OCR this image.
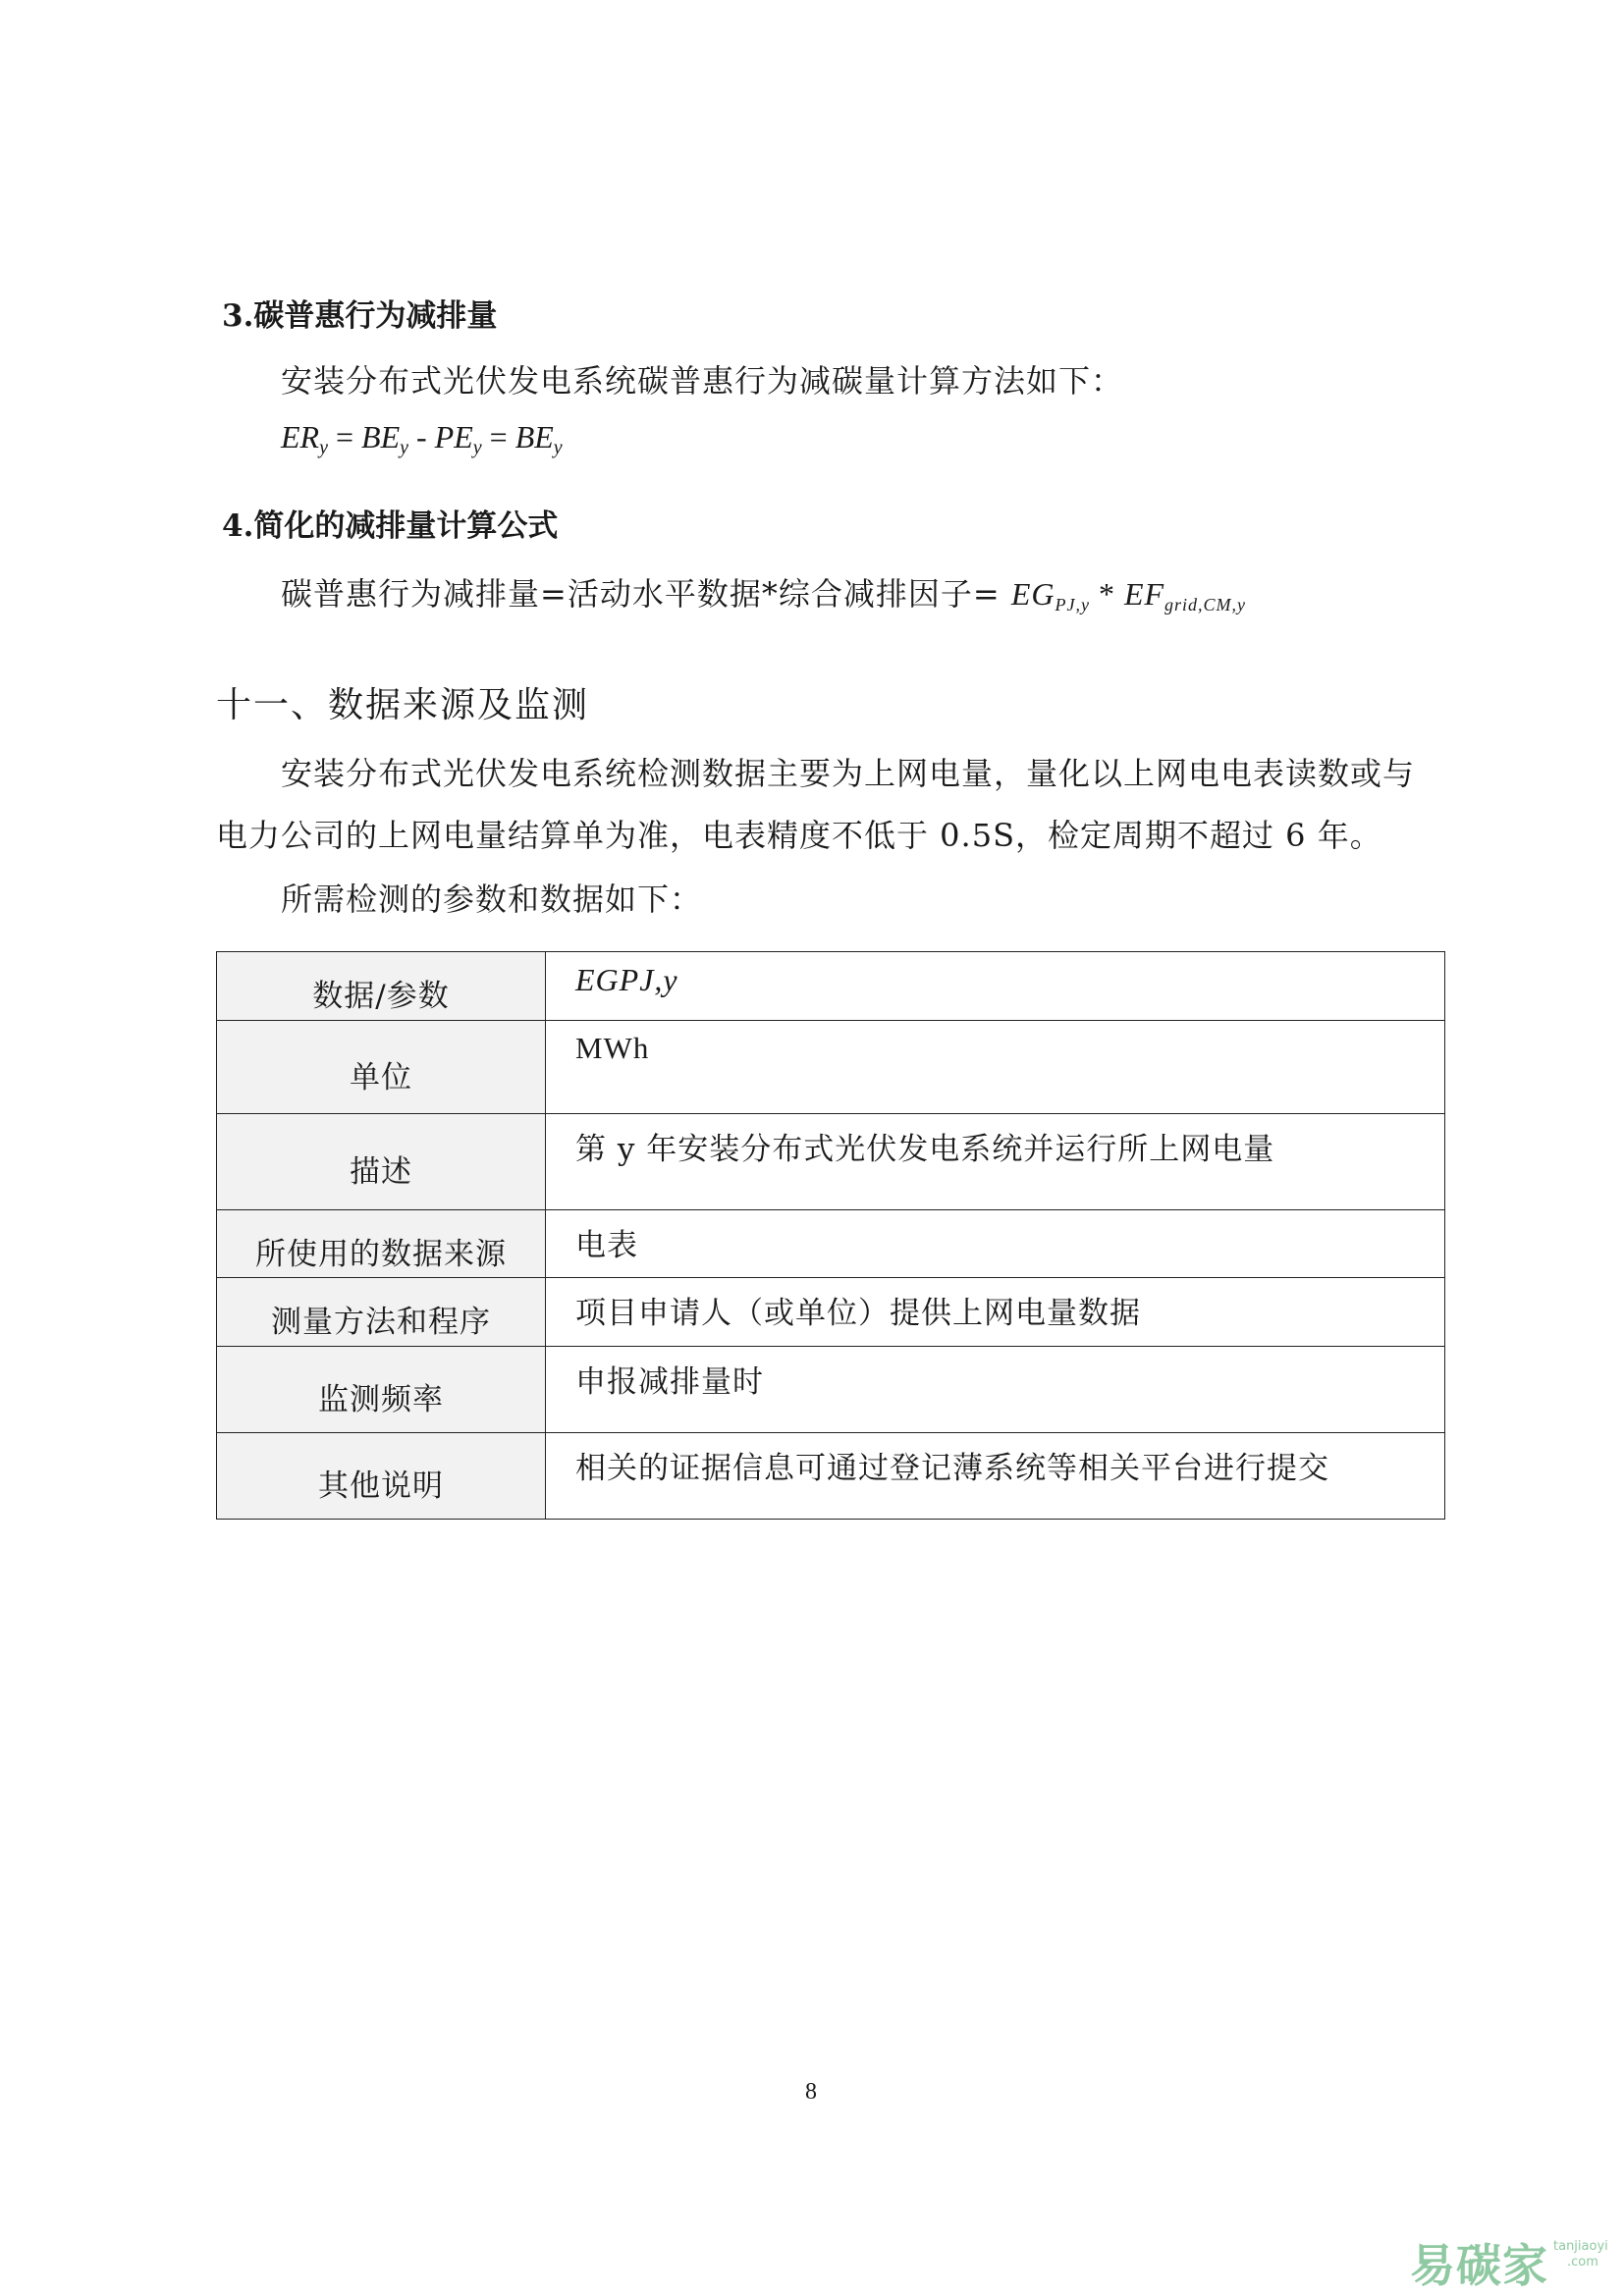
3.碳普惠行为减排量
安装分布式光伏发电系统碳普惠行为减碳量计算方法如下：
$ER_y = BE_y - PE_y = BE_y$
4.简化的减排量计算公式
碳普惠行为减排量=活动水平数据*综合减排因子= $EG_{PJ,y} * EF_{grid,CM,y}$
十一、数据来源及监测
安装分布式光伏发电系统检测数据主要为上网电量，量化以上网电电表读数或与
电力公司的上网电量结算单为准，电表精度不低于 0.5S，检定周期不超过 6 年。
所需检测的参数和数据如下：
数据/参数	EGPJ,y
单位	MWh
描述	第 y 年安装分布式光伏发电系统并运行所上网电量
所使用的数据来源	电表
测量方法和程序	项目申请人（或单位）提供上网电量数据
监测频率	申报减排量时
其他说明	相关的证据信息可通过登记薄系统等相关平台进行提交
8
易碳家 tanjiaoyi
.com
